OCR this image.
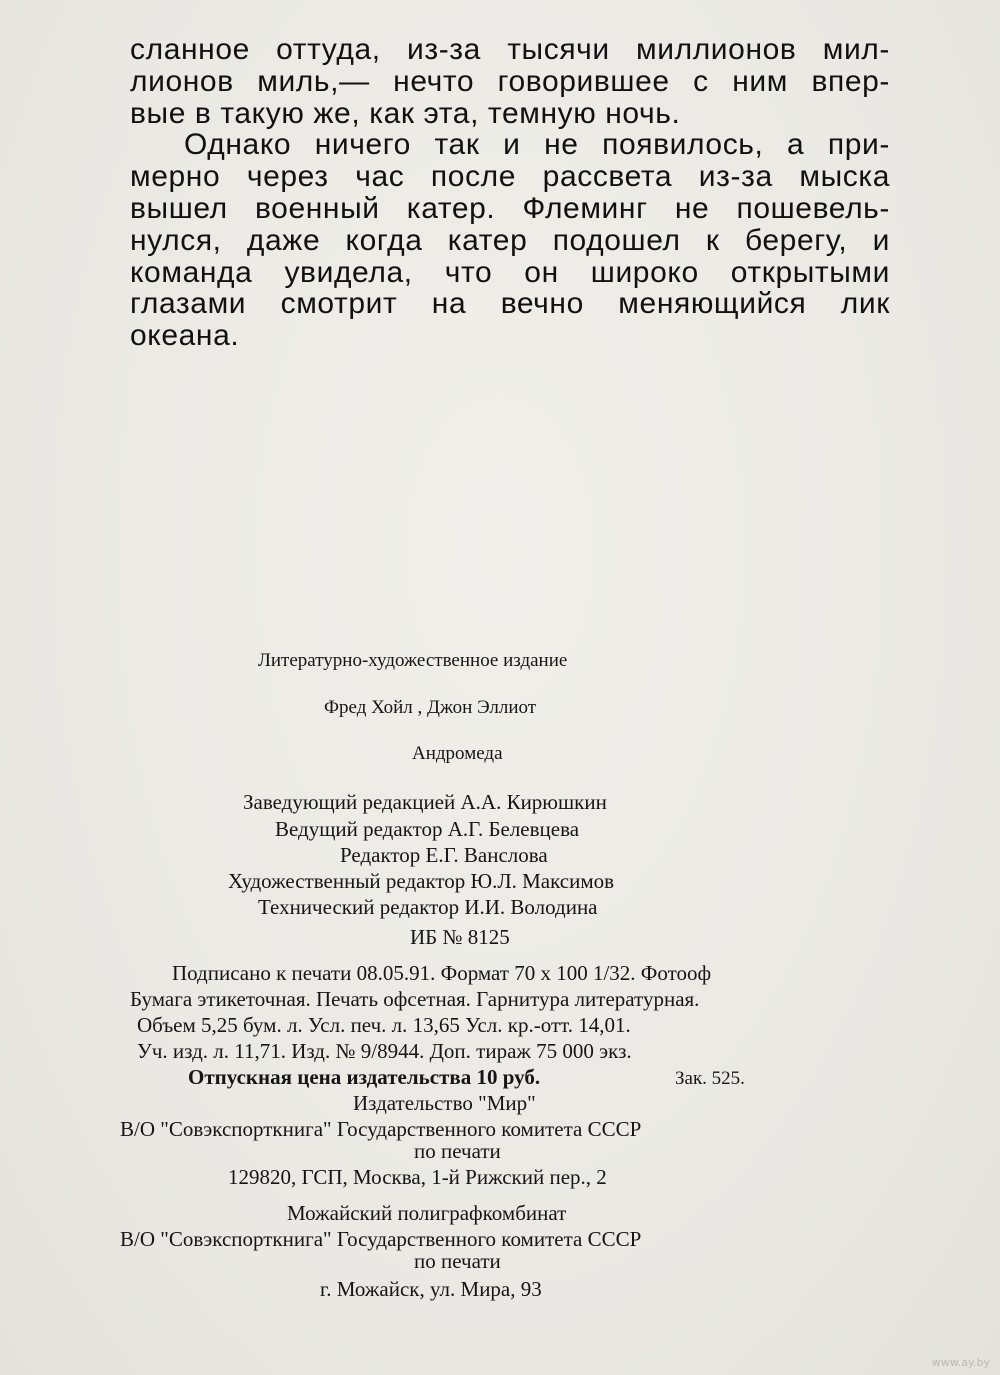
сланное оттуда, из-за тысячи миллионов мил-
лионов миль,— нечто говорившее с ним впер-
вые в такую же, как эта, темную ночь.
Однако ничего так и не появилось, а при-
мерно через час после рассвета из-за мыска
вышел военный катер. Флеминг не пошевель-
нулся, даже когда катер подошел к берегу, и
команда увидела, что он широко открытыми
глазами смотрит на вечно меняющийся лик
океана.
Литературно-художественное издание
Фред Хойл , Джон Эллиот
Андромеда
Заведующий редакцией А.А. Кирюшкин
Ведущий редактор А.Г. Белевцева
Редактор Е.Г. Ванслова
Художественный редактор Ю.Л. Максимов
Технический редактор И.И. Володина
ИБ № 8125
Подписано к печати 08.05.91. Формат 70 x 100 1/32. Фотооф
Бумага этикеточная. Печать офсетная. Гарнитура литературная.
Объем 5,25 бум. л. Усл. печ. л. 13,65 Усл. кр.-отт. 14,01.
Уч. изд. л. 11,71. Изд. № 9/8944. Доп. тираж 75 000 экз.
Отпускная цена издательства 10 руб.	Зак. 525.
Издательство "Мир"
В/О "Совэкспорткнига" Государственного комитета СССР
по печати
129820, ГСП, Москва, 1-й Рижский пер., 2
Можайский полиграфкомбинат
В/О "Совэкспорткнига" Государственного комитета СССР
по печати
г. Можайск, ул. Мира, 93
www.ay.by
